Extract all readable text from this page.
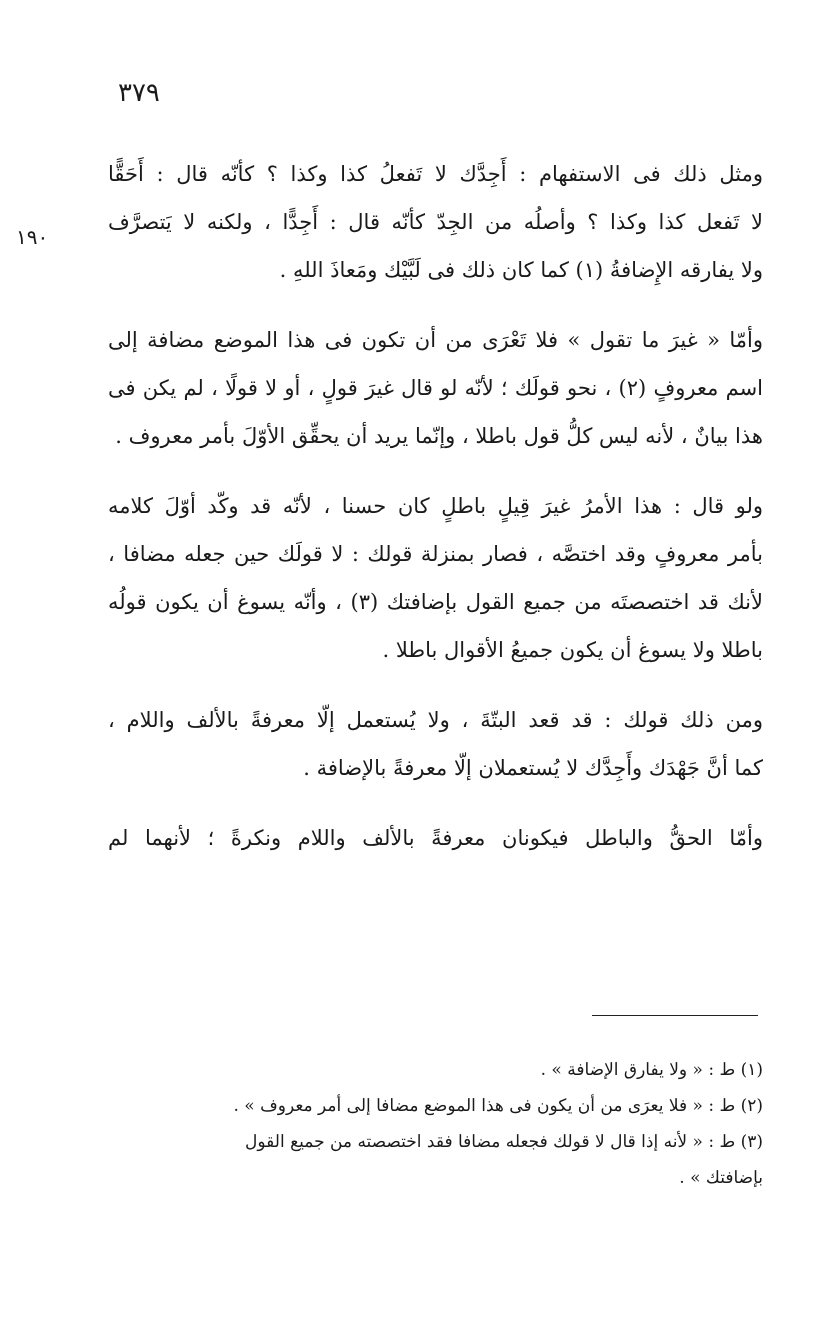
٣٧٩
١٩٠
ومثل ذلك فى الاستفهام : أَجِدَّك لا تَفعلُ كذا وكذا ؟ كأنّه قال : أَحَقًّا
لا تَفعل كذا وكذا ؟ وأصلُه من الجِدّ كأنّه قال : أَجِدًّا ، ولكنه لا يَتصرَّف
ولا يفارقه الإِضافةُ (١) كما كان ذلك فى لَبَّيْك ومَعاذَ اللهِ .
وأمّا « غيرَ ما تقول » فلا تَعْرَى من أن تكون فى هذا الموضع مضافة إلى
اسم معروفٍ (٢) ، نحو قولَك ؛ لأنّه لو قال غيرَ قولٍ ، أو لا قولًا ، لم يكن فى
هذا بيانٌ ، لأنه ليس كلُّ قول باطلا ، وإنّما يريد أن يحقِّق الأوّلَ بأمر معروف .
ولو قال : هذا الأمرُ غيرَ قِيلٍ باطلٍ كان حسنا ، لأنّه قد وكّد أوّلَ كلامه
بأمر معروفٍ وقد اختصَّه ، فصار بمنزلة قولك : لا قولَك حين جعله مضافا ،
لأنك قد اختصصتَه من جميع القول بإضافتك (٣) ، وأنّه يسوغ أن يكون قولُه
باطلا ولا يسوغ أن يكون جميعُ الأقوال باطلا .
ومن ذلك قولك : قد قعد البتّةَ ، ولا يُستعمل إلّا معرفةً بالألف واللام ،
كما أنَّ جَهْدَك وأَجِدَّك لا يُستعملان إلّا معرفةً بالإضافة .
وأمّا الحقُّ والباطل فيكونان معرفةً بالألف واللام ونكرةً ؛ لأنهما لم
(١) ط : « ولا يفارق الإضافة » .
(٢) ط : « فلا يعرَى من أن يكون فى هذا الموضع مضافا إلى أمر معروف » .
(٣) ط : « لأنه إذا قال لا قولك فجعله مضافا فقد اختصصته من جميع القول
بإضافتك » .
